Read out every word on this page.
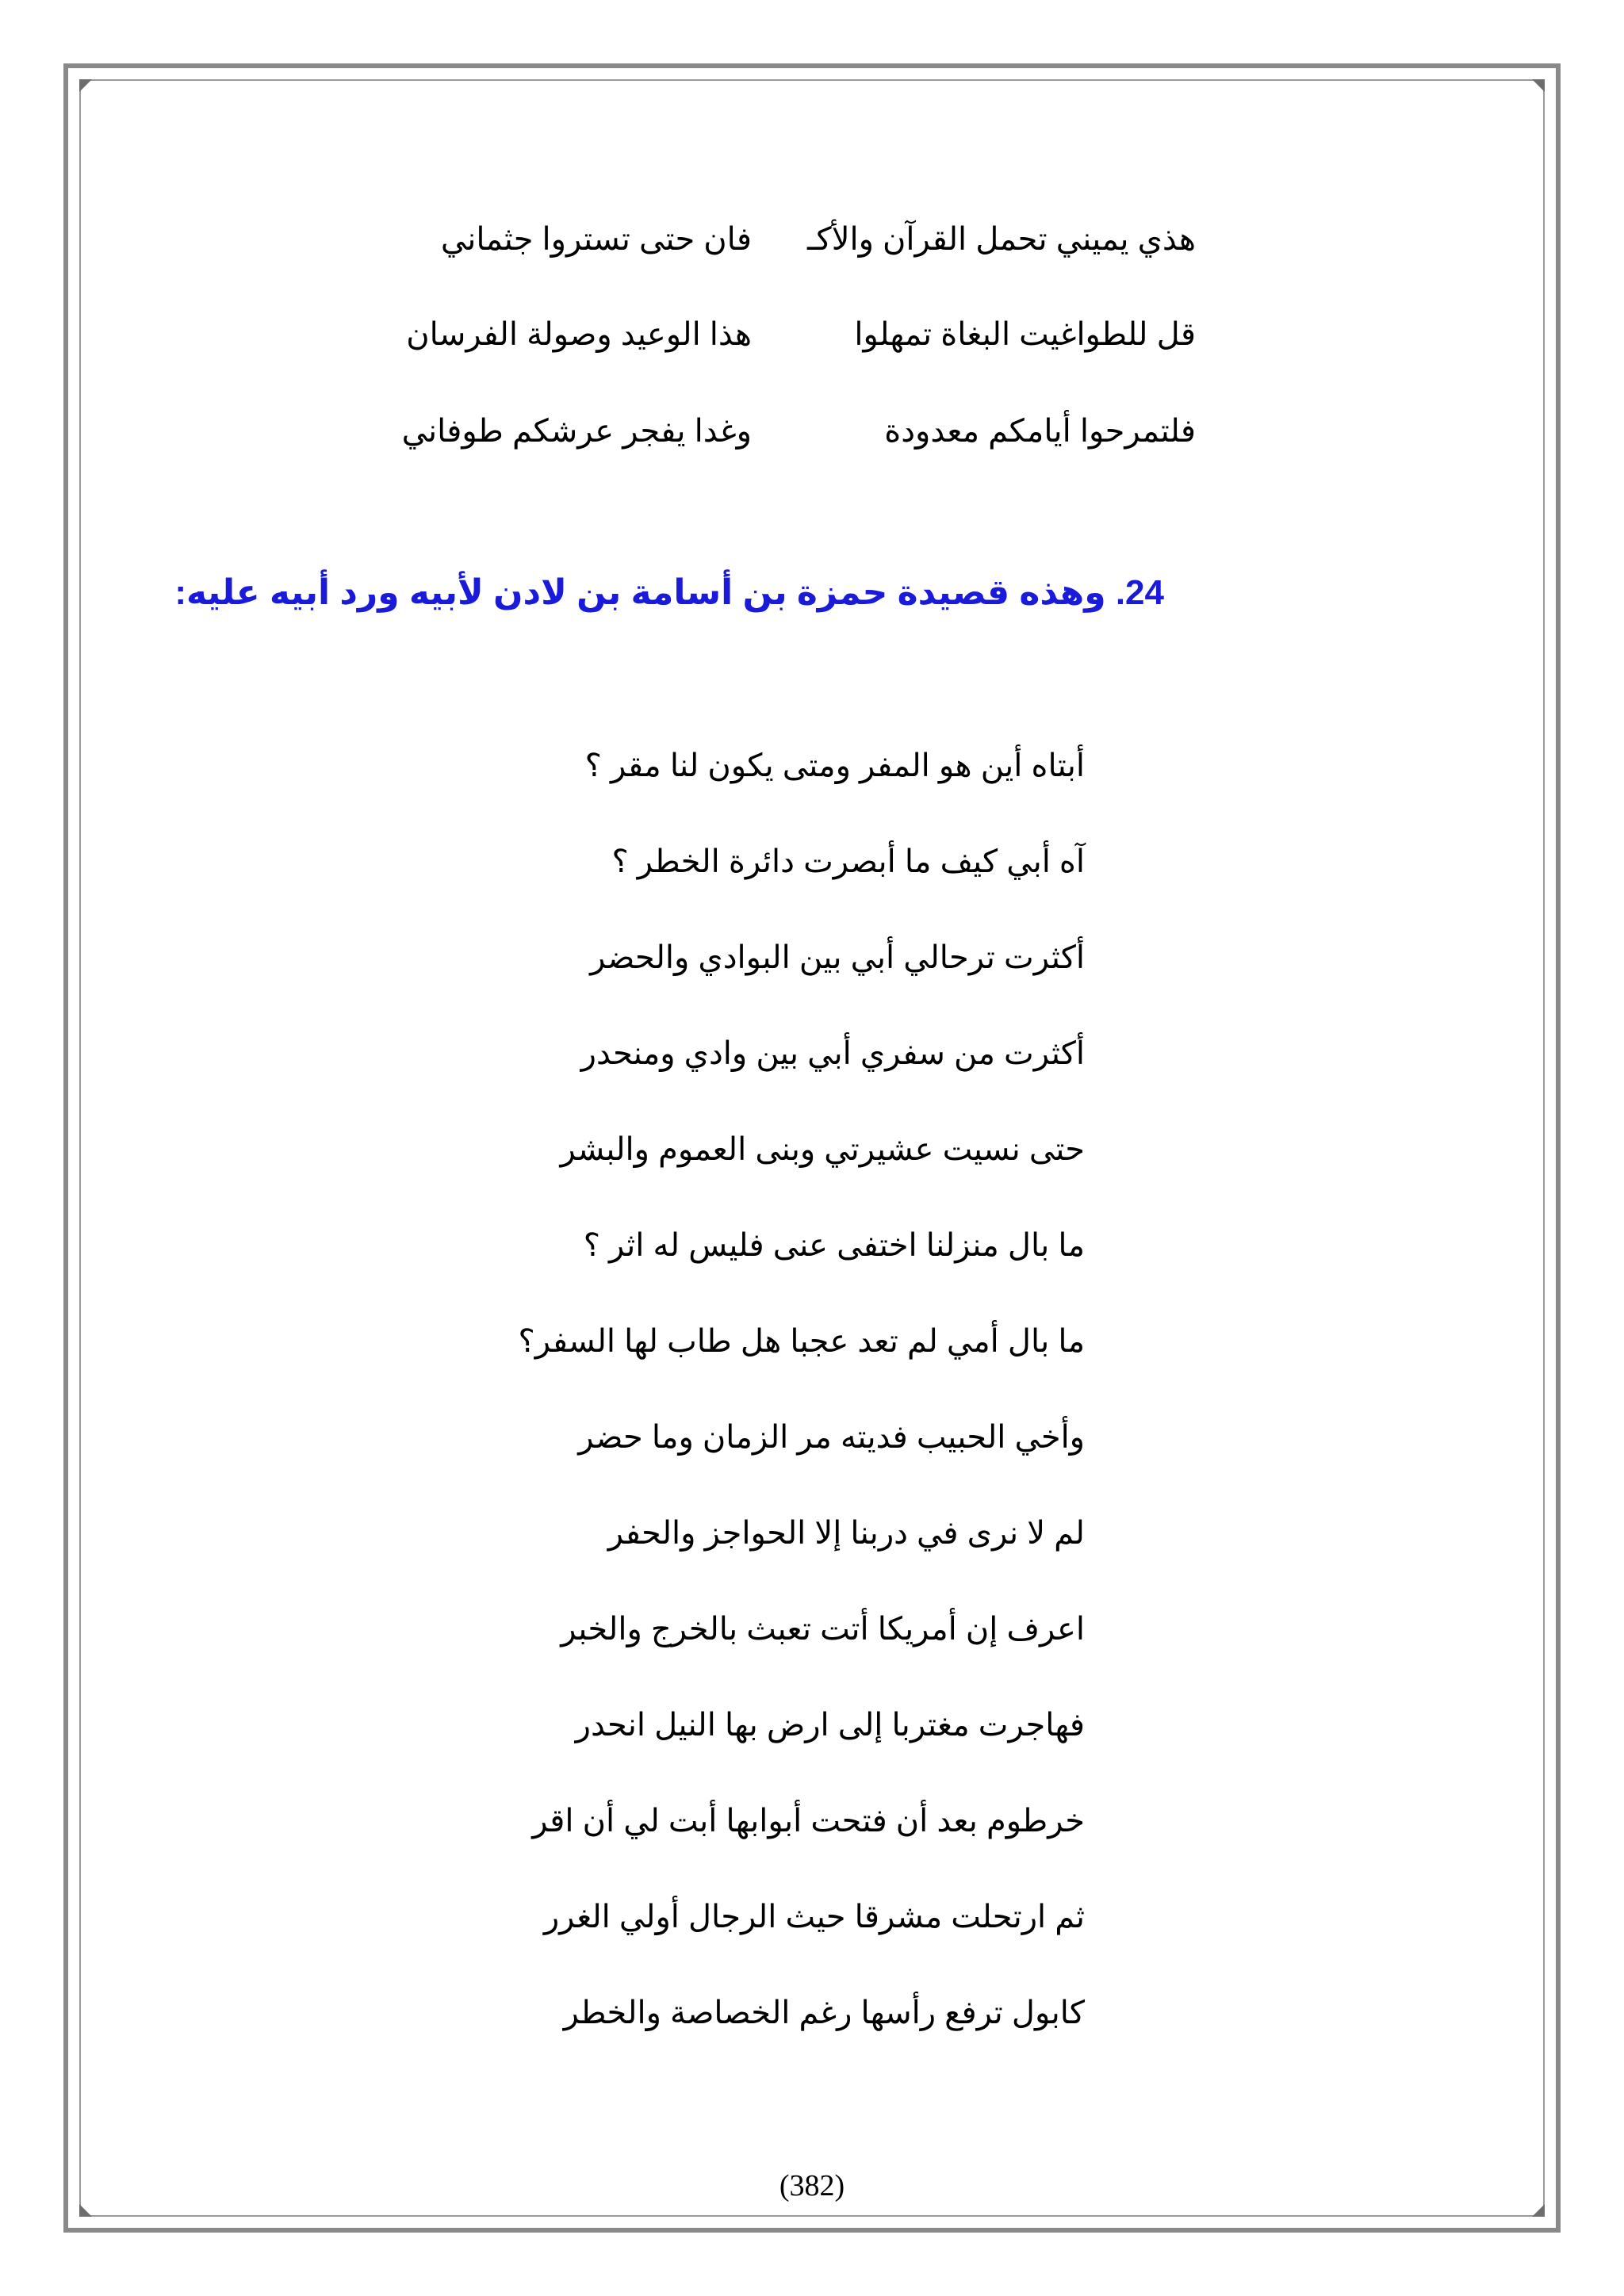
هذي يميني تحمل القرآن والأكـ
فان حتى تستروا جثماني
قل للطواغيت البغاة تمهلوا
هذا الوعيد وصولة الفرسان
فلتمرحوا أيامكم معدودة
وغدا يفجر عرشكم طوفاني
24. وهذه قصيدة حمزة بن أسامة بن لادن لأبيه ورد أبيه عليه:
أبتاه أين هو المفر ومتى يكون لنا مقر ؟
آه أبي كيف ما أبصرت دائرة الخطر ؟
أكثرت ترحالي أبي بين البوادي والحضر
أكثرت من سفري أبي بين وادي ومنحدر
حتى نسيت عشيرتي وبنى العموم والبشر
ما بال منزلنا اختفى عنى فليس له اثر ؟
ما بال أمي لم تعد عجبا هل طاب لها السفر؟
وأخي الحبيب فديته مر الزمان وما حضر
لم لا نرى في دربنا إلا الحواجز والحفر
اعرف إن أمريكا أتت تعبث بالخرج والخبر
فهاجرت مغتربا إلى ارض بها النيل انحدر
خرطوم بعد أن فتحت أبوابها أبت لي أن اقر
ثم ارتحلت مشرقا حيث الرجال أولي الغرر
كابول ترفع رأسها رغم الخصاصة والخطر
(382)
